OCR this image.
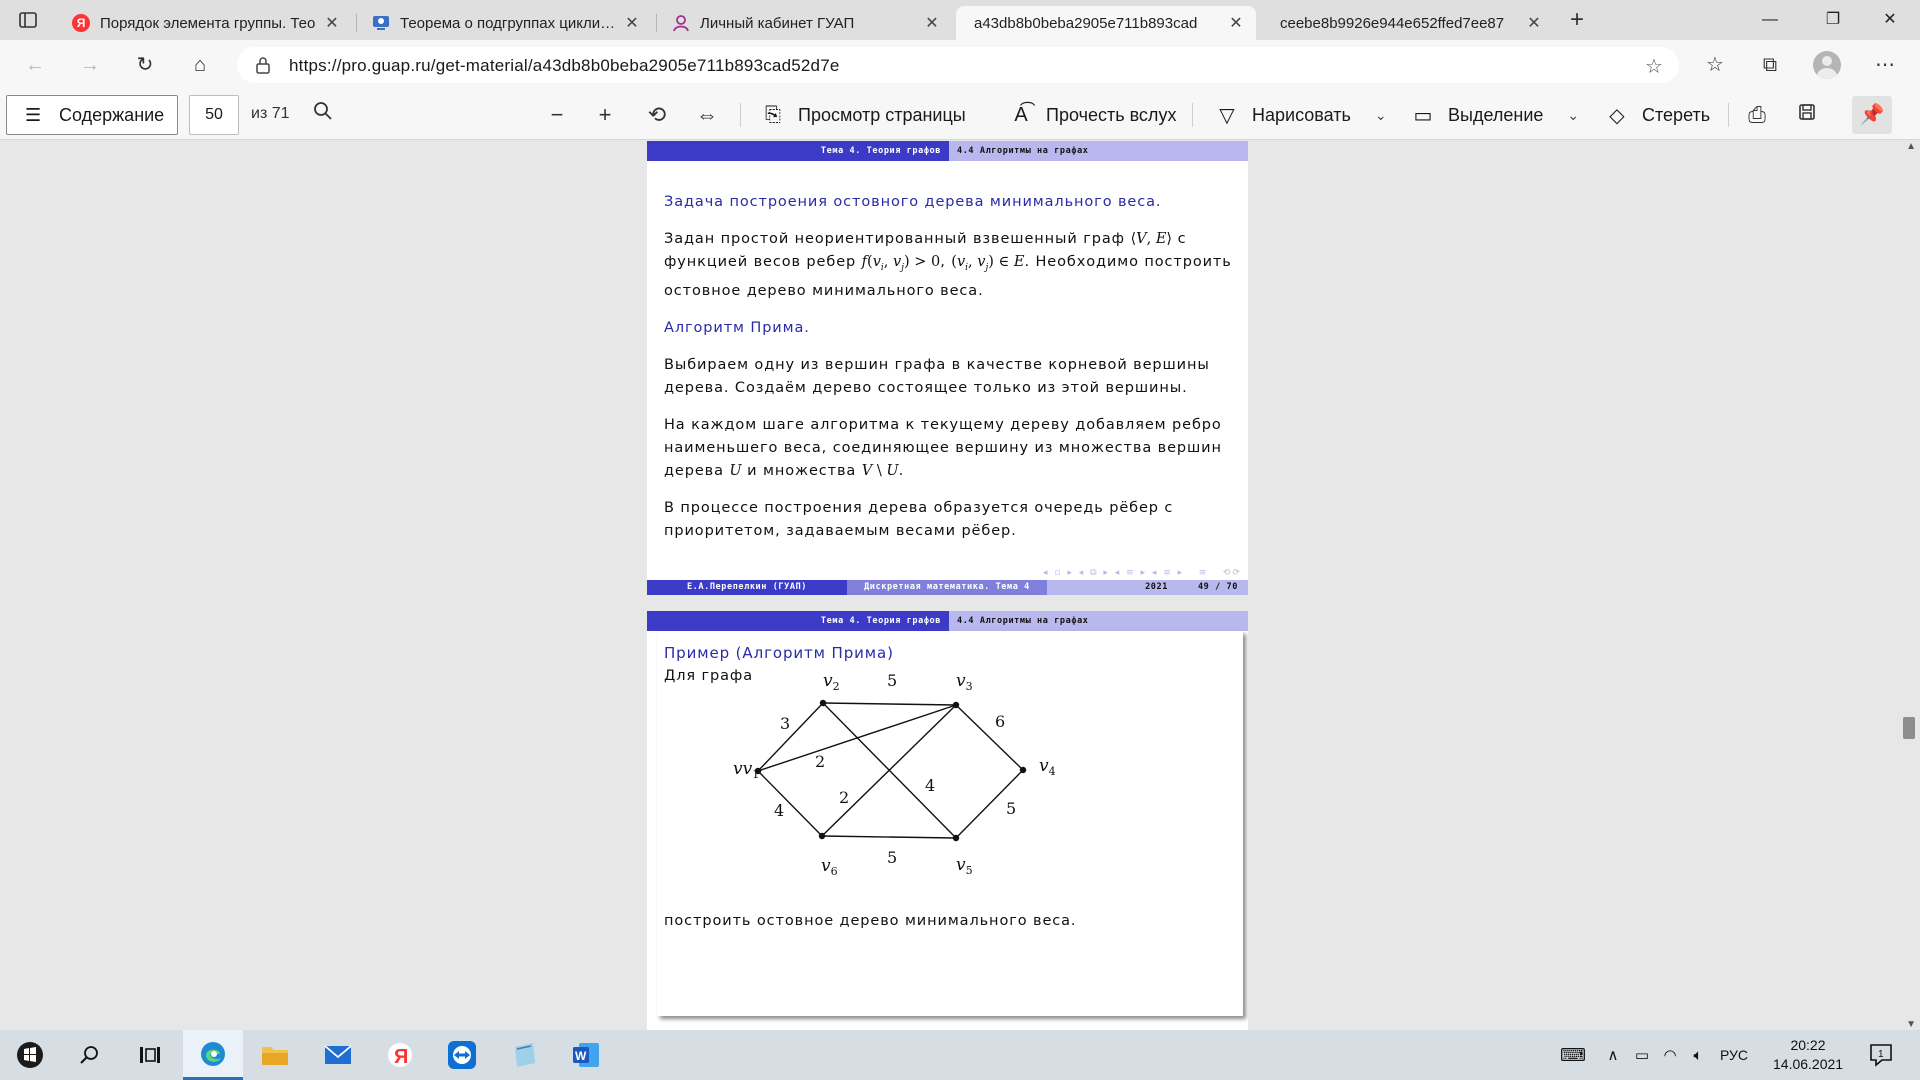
Я Порядок элемента группы. Тео ✕	Теорема о подгруппах цикличе	✕	Личный кабинет ГУАП	✕ a43db8b0beba2905e711b893cad	✕ ceebe8b9926e944e652ffed7ee87	✕	+	—	❐	✕
← →	↻	⌂	https://pro.guap.ru/get-material/a43db8b0beba2905e711b893cad52d7e	☆	☆	⧉	⋯
☰ Содержание	50	из 71	−	+	⟲ ⇔ ⎘ Просмотр страницы A͡ Прочесть вслух ▽ Нарисовать ⌄ ▭ Выделение ⌄ ◇ Стереть ⎙	📌
Тема 4. Теория графов	4.4 Алгоритмы на графах

Задача построения остовного дерева минимального веса.

Задан простой неориентированный взвешенный граф ⟨V, E⟩ с функцией весов ребер $f(v_i$, $v_j) > 0$, ($v_i$, $v_j$) ∈ E. Необходимо построить остовное дерево минимального веса.

Алгоритм Прима.

Выбираем одну из вершин графа в качестве корневой вершины дерева. Создаём дерево состоящее только из этой вершины.

На каждом шаге алгоритма к текущему дереву добавляем ребро наименьшего веса, соединяющее вершину из множества вершин дерева U и множества V \ U.

В процессе построения дерева образуется очередь рёбер с приоритетом, задаваемым весами рёбер.

◂ ▫ ▸ ◂ ⧉ ▸ ◂ ≡ ▸ ◂ ≡ ▸   ≡   ⟲⟳
Е.А.Перепелкин (ГУАП)	Дискретная математика. Тема 4	2021	49 / 70
Тема 4. Теория графов	4.4 Алгоритмы на графах
Пример (Алгоритм Прима)
Для графа
$vv_1$
$v_2$	$v_3$
$v_4$
$v_5$
$v_6$
3
5
2
6
4
2
4
5
5
построить остовное дерево минимального веса.
▲
▼
Я	W	⌨	∧	▭ ◠	🔈︎	РУС
20:22
14.06.2021
1
